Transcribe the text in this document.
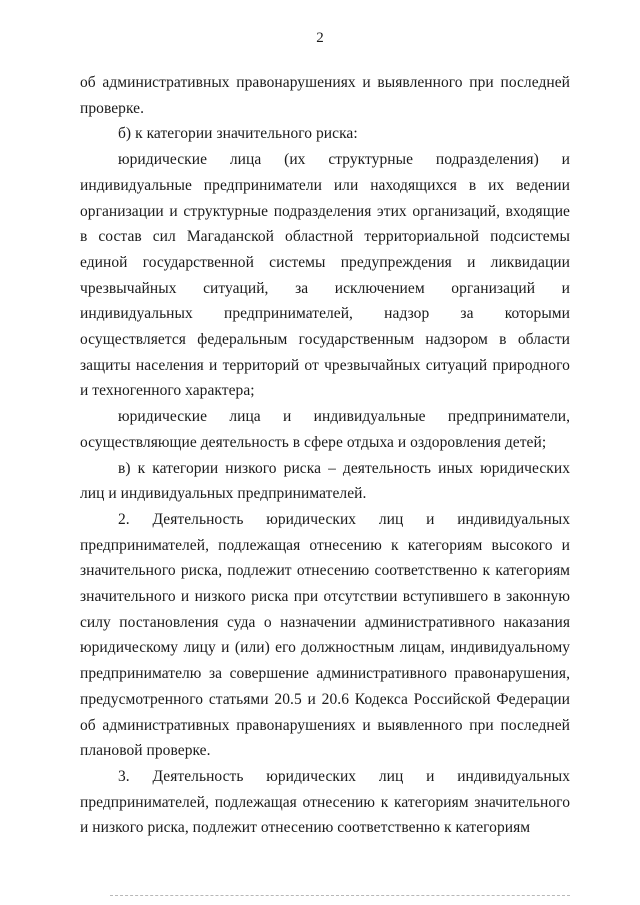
2

об административных правонарушениях и выявленного при последней проверке.

б) к категории значительного риска:

юридические лица (их структурные подразделения) и индивидуальные предприниматели или находящихся в их ведении организации и структурные подразделения этих организаций, входящие в состав сил Магаданской областной территориальной подсистемы единой государственной системы предупреждения и ликвидации чрезвычайных ситуаций, за исключением организаций и индивидуальных предпринимателей, надзор за которыми осуществляется федеральным государственным надзором в области защиты населения и территорий от чрезвычайных ситуаций природного и техногенного характера;

юридические лица и индивидуальные предприниматели, осуществляющие деятельность в сфере отдыха и оздоровления детей;

в) к категории низкого риска – деятельность иных юридических лиц и индивидуальных предпринимателей.

2. Деятельность юридических лиц и индивидуальных предпринимателей, подлежащая отнесению к категориям высокого и значительного риска, подлежит отнесению соответственно к категориям значительного и низкого риска при отсутствии вступившего в законную силу постановления суда о назначении административного наказания юридическому лицу и (или) его должностным лицам, индивидуальному предпринимателю за совершение административного правонарушения, предусмотренного статьями 20.5 и 20.6 Кодекса Российской Федерации об административных правонарушениях и выявленного при последней плановой проверке.

3. Деятельность юридических лиц и индивидуальных предпринимателей, подлежащая отнесению к категориям значительного и низкого риска, подлежит отнесению соответственно к категориям
